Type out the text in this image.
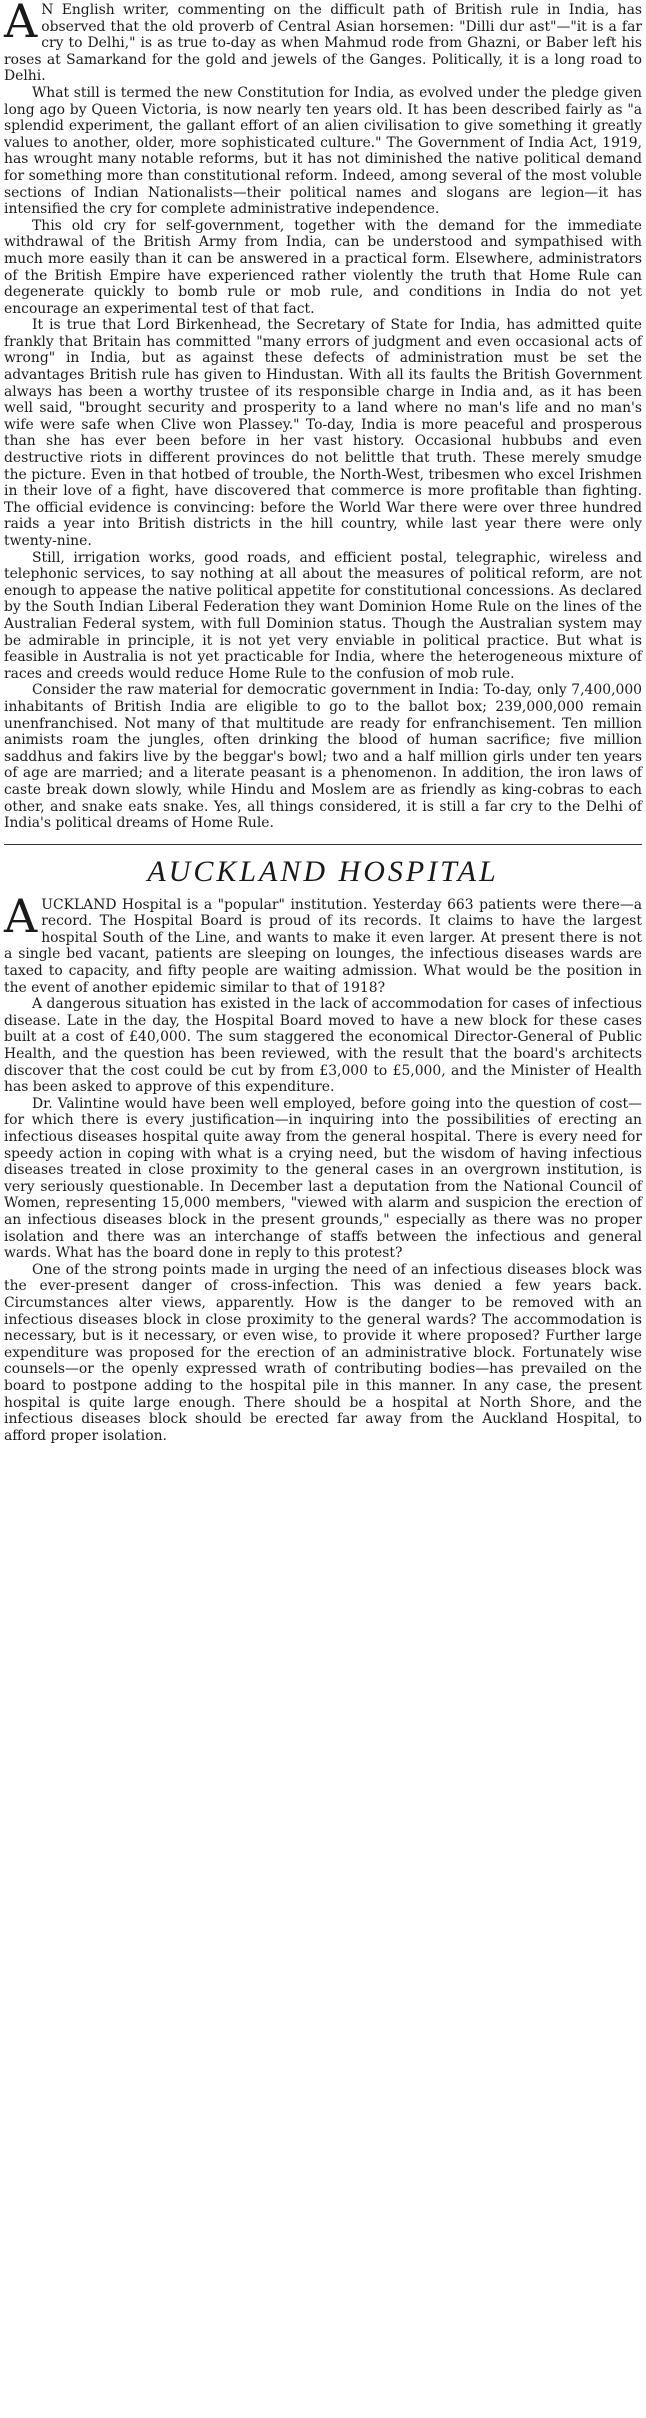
A N English writer, commenting on the difficult path of British rule in India, has observed that the old proverb of Central Asian horsemen: "Dilli dur ast"—"it is a far cry to Delhi," is as true to-day as when Mahmud rode from Ghazni, or Baber left his roses at Samarkand for the gold and jewels of the Ganges. Politically, it is a long road to Delhi.

What still is termed the new Constitution for India, as evolved under the pledge given long ago by Queen Victoria, is now nearly ten years old. It has been described fairly as "a splendid experiment, the gallant effort of an alien civilisation to give something it greatly values to another, older, more sophisticated culture." The Government of India Act, 1919, has wrought many notable reforms, but it has not diminished the native political demand for something more than constitutional reform. Indeed, among several of the most voluble sections of Indian Nationalists—their political names and slogans are legion—it has intensified the cry for complete administrative independence.

This old cry for self-government, together with the demand for the immediate withdrawal of the British Army from India, can be understood and sympathised with much more easily than it can be answered in a practical form. Elsewhere, administrators of the British Empire have experienced rather violently the truth that Home Rule can degenerate quickly to bomb rule or mob rule, and conditions in India do not yet encourage an experimental test of that fact.

It is true that Lord Birkenhead, the Secretary of State for India, has admitted quite frankly that Britain has committed "many errors of judgment and even occasional acts of wrong" in India, but as against these defects of administration must be set the advantages British rule has given to Hindustan. With all its faults the British Government always has been a worthy trustee of its responsible charge in India and, as it has been well said, "brought security and prosperity to a land where no man's life and no man's wife were safe when Clive won Plassey." To-day, India is more peaceful and prosperous than she has ever been before in her vast history. Occasional hubbubs and even destructive riots in different provinces do not belittle that truth. These merely smudge the picture. Even in that hotbed of trouble, the North-West, tribesmen who excel Irishmen in their love of a fight, have discovered that commerce is more profitable than fighting. The official evidence is convincing: before the World War there were over three hundred raids a year into British districts in the hill country, while last year there were only twenty-nine.

Still, irrigation works, good roads, and efficient postal, telegraphic, wireless and telephonic services, to say nothing at all about the measures of political reform, are not enough to appease the native political appetite for constitutional concessions. As declared by the South Indian Liberal Federation they want Dominion Home Rule on the lines of the Australian Federal system, with full Dominion status. Though the Australian system may be admirable in principle, it is not yet very enviable in political practice. But what is feasible in Australia is not yet practicable for India, where the heterogeneous mixture of races and creeds would reduce Home Rule to the confusion of mob rule.

Consider the raw material for democratic government in India: To-day, only 7,400,000 inhabitants of British India are eligible to go to the ballot box; 239,000,000 remain unenfranchised. Not many of that multitude are ready for enfranchisement. Ten million animists roam the jungles, often drinking the blood of human sacrifice; five million saddhus and fakirs live by the beggar's bowl; two and a half million girls under ten years of age are married; and a literate peasant is a phenomenon. In addition, the iron laws of caste break down slowly, while Hindu and Moslem are as friendly as king-cobras to each other, and snake eats snake. Yes, all things considered, it is still a far cry to the Delhi of India's political dreams of Home Rule.

AUCKLAND HOSPITAL

AUCKLAND Hospital is a "popular" institution. Yesterday 663 patients were there—a record. The Hospital Board is proud of its records. It claims to have the largest hospital South of the Line, and wants to make it even larger. At present there is not a single bed vacant, patients are sleeping on lounges, the infectious diseases wards are taxed to capacity, and fifty people are waiting admission. What would be the position in the event of another epidemic similar to that of 1918?

A dangerous situation has existed in the lack of accommodation for cases of infectious disease. Late in the day, the Hospital Board moved to have a new block for these cases built at a cost of £40,000. The sum staggered the economical Director-General of Public Health, and the question has been reviewed, with the result that the board's architects discover that the cost could be cut by from £3,000 to £5,000, and the Minister of Health has been asked to approve of this expenditure.

Dr. Valintine would have been well employed, before going into the question of cost—for which there is every justification—in inquiring into the possibilities of erecting an infectious diseases hospital quite away from the general hospital. There is every need for speedy action in coping with what is a crying need, but the wisdom of having infectious diseases treated in close proximity to the general cases in an overgrown institution, is very seriously questionable. In December last a deputation from the National Council of Women, representing 15,000 members, "viewed with alarm and suspicion the erection of an infectious diseases block in the present grounds," especially as there was no proper isolation and there was an interchange of staffs between the infectious and general wards. What has the board done in reply to this protest?

One of the strong points made in urging the need of an infectious diseases block was the ever-present danger of cross-infection. This was denied a few years back. Circumstances alter views, apparently. How is the danger to be removed with an infectious diseases block in close proximity to the general wards? The accommodation is necessary, but is it necessary, or even wise, to provide it where proposed? Further large expenditure was proposed for the erection of an administrative block. Fortunately wise counsels—or the openly expressed wrath of contributing bodies—has prevailed on the board to postpone adding to the hospital pile in this manner. In any case, the present hospital is quite large enough. There should be a hospital at North Shore, and the infectious diseases block should be erected far away from the Auckland Hospital, to afford proper isolation.
